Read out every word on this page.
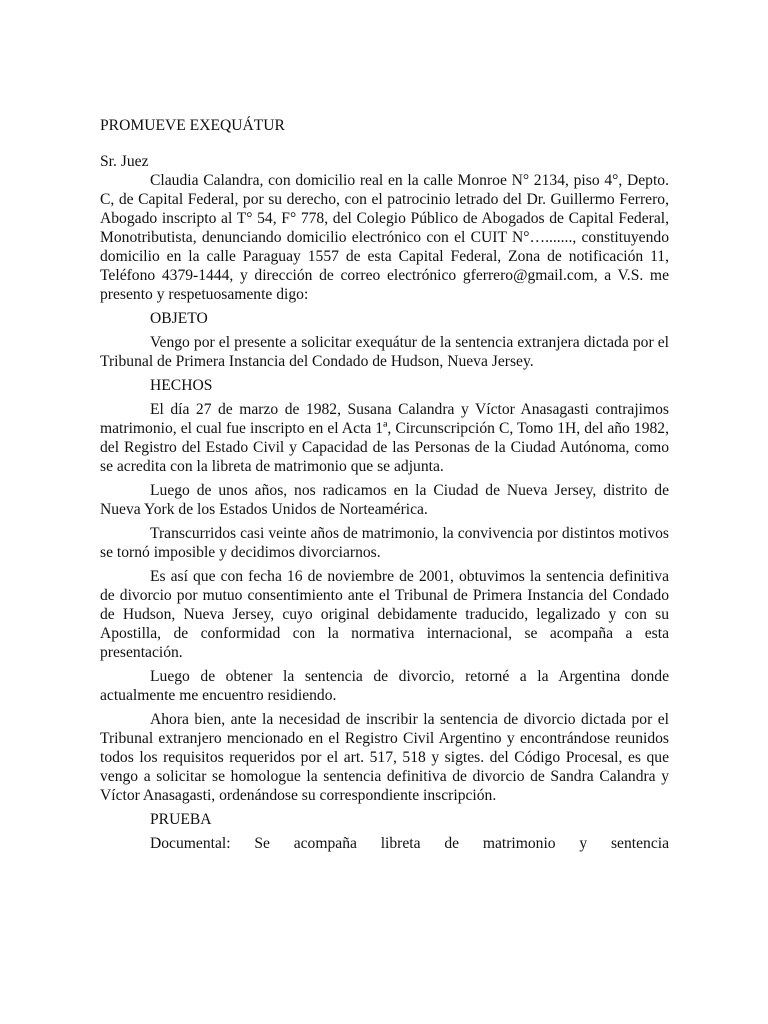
PROMUEVE EXEQUÁTUR

Sr. Juez

Claudia Calandra, con domicilio real en la calle Monroe N° 2134, piso 4°, Depto. C, de Capital Federal, por su derecho, con el patrocinio letrado del Dr. Guillermo Ferrero, Abogado inscripto al T° 54, F° 778, del Colegio Público de Abogados de Capital Federal, Monotributista, denunciando domicilio electrónico con el CUIT N°…......., constituyendo domicilio en la calle Paraguay 1557 de esta Capital Federal, Zona de notificación 11, Teléfono 4379-1444, y dirección de correo electrónico gferrero@gmail.com, a V.S. me presento y respetuosamente digo:

OBJETO

Vengo por el presente a solicitar exequátur de la sentencia extranjera dictada por el Tribunal de Primera Instancia del Condado de Hudson, Nueva Jersey.

HECHOS

El día 27 de marzo de 1982, Susana Calandra y Víctor Anasagasti contrajimos matrimonio, el cual fue inscripto en el Acta 1ª, Circunscripción C, Tomo 1H, del año 1982, del Registro del Estado Civil y Capacidad de las Personas de la Ciudad Autónoma, como se acredita con la libreta de matrimonio que se adjunta.

Luego de unos años, nos radicamos en la Ciudad de Nueva Jersey, distrito de Nueva York de los Estados Unidos de Norteamérica.

Transcurridos casi veinte años de matrimonio, la convivencia por distintos motivos se tornó imposible y decidimos divorciarnos.

Es así que con fecha 16 de noviembre de 2001, obtuvimos la sentencia definitiva de divorcio por mutuo consentimiento ante el Tribunal de Primera Instancia del Condado de Hudson, Nueva Jersey, cuyo original debidamente traducido, legalizado y con su Apostilla, de conformidad con la normativa internacional, se acompaña a esta presentación.

Luego de obtener la sentencia de divorcio, retorné a la Argentina donde actualmente me encuentro residiendo.

Ahora bien, ante la necesidad de inscribir la sentencia de divorcio dictada por el Tribunal extranjero mencionado en el Registro Civil Argentino y encontrándose reunidos todos los requisitos requeridos por el art. 517, 518 y sigtes. del Código Procesal, es que vengo a solicitar se homologue la sentencia definitiva de divorcio de Sandra Calandra y Víctor Anasagasti, ordenándose su correspondiente inscripción.

PRUEBA

Documental: Se acompaña libreta de matrimonio y sentencia
